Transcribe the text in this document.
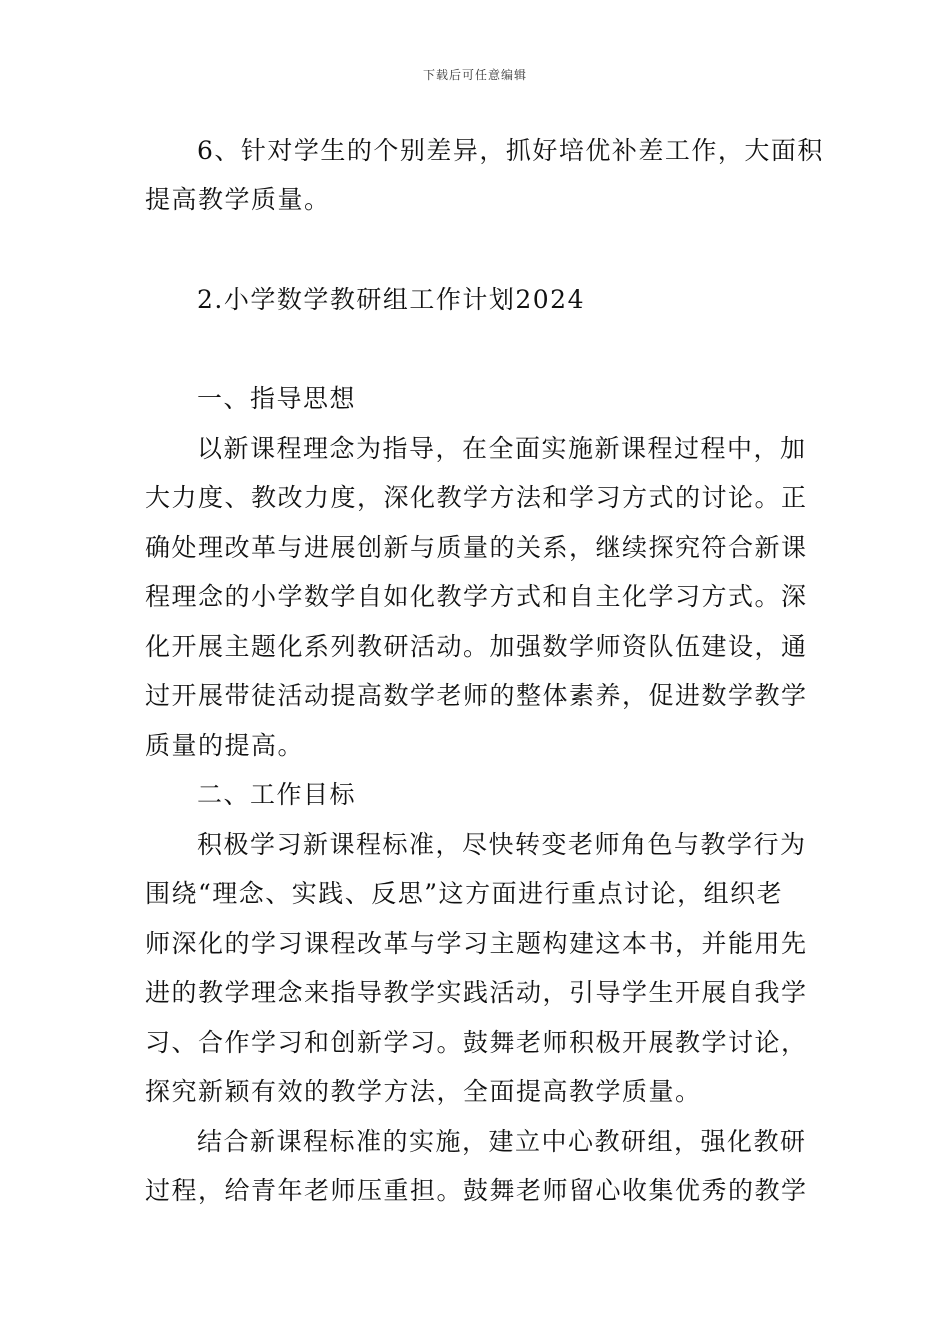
下载后可任意编辑
6、针对学生的个别差异，抓好培优补差工作，大面积
提高教学质量。
2.小学数学教研组工作计划2024
一、指导思想
以新课程理念为指导，在全面实施新课程过程中，加
大力度、教改力度，深化教学方法和学习方式的讨论。正
确处理改革与进展创新与质量的关系，继续探究符合新课
程理念的小学数学自如化教学方式和自主化学习方式。深
化开展主题化系列教研活动。加强数学师资队伍建设，通
过开展带徒活动提高数学老师的整体素养，促进数学教学
质量的提高。
二、工作目标
积极学习新课程标准，尽快转变老师角色与教学行为
围绕“理念、实践、反思”这方面进行重点讨论，组织老
师深化的学习课程改革与学习主题构建这本书，并能用先
进的教学理念来指导教学实践活动，引导学生开展自我学
习、合作学习和创新学习。鼓舞老师积极开展教学讨论，
探究新颖有效的教学方法，全面提高教学质量。
结合新课程标准的实施，建立中心教研组，强化教研
过程，给青年老师压重担。鼓舞老师留心收集优秀的教学
